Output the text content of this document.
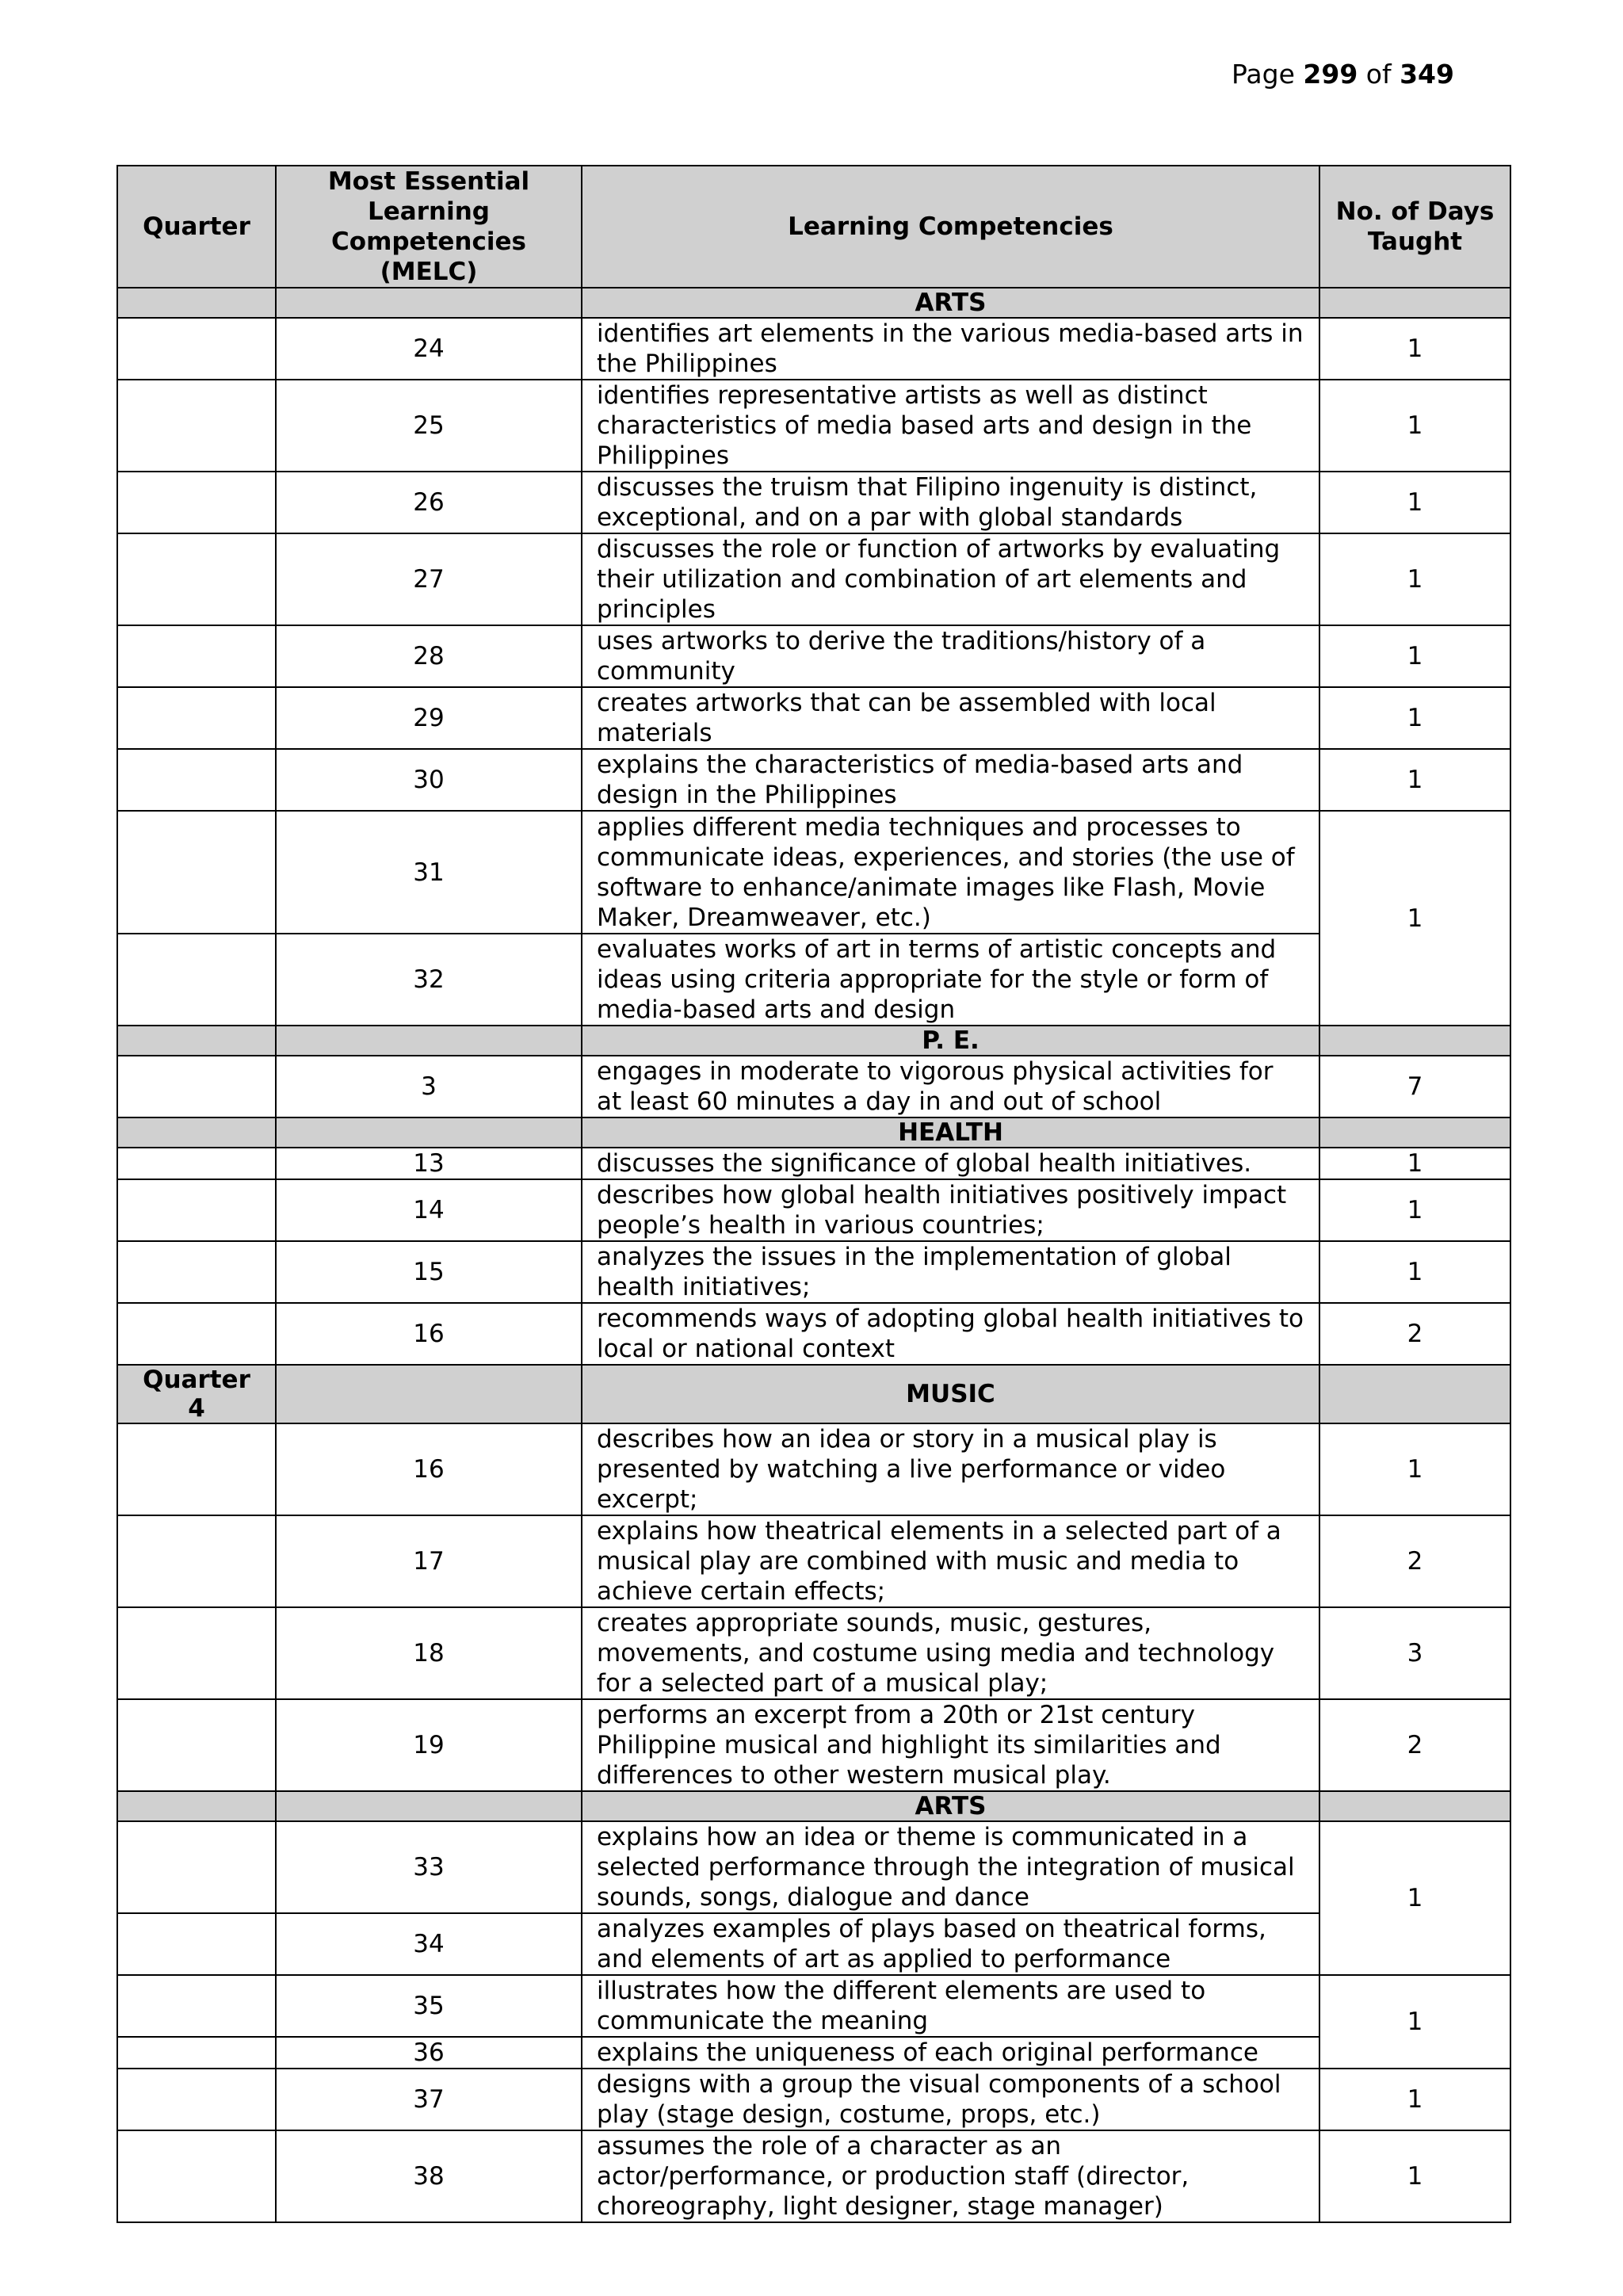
Page 299 of 349
Quarter	Most Essential Learning Competencies (MELC)	Learning Competencies	No. of Days Taught
		ARTS	
	24	identifies art elements in the various media-based arts in the Philippines	1
	25	identifies representative artists as well as distinct characteristics of media based arts and design in the Philippines	1
	26	discusses the truism that Filipino ingenuity is distinct, exceptional, and on a par with global standards	1
	27	discusses the role or function of artworks by evaluating their utilization and combination of art elements and principles	1
	28	uses artworks to derive the traditions/history of a community	1
	29	creates artworks that can be assembled with local materials	1
	30	explains the characteristics of media-based arts and design in the Philippines	1
	31	applies different media techniques and processes to communicate ideas, experiences, and stories (the use of software to enhance/animate images like Flash, Movie Maker, Dreamweaver, etc.)	1
	32	evaluates works of art in terms of artistic concepts and ideas using criteria appropriate for the style or form of media-based arts and design	
		P. E.	
	3	engages in moderate to vigorous physical activities for at least 60 minutes a day in and out of school	7
		HEALTH	
	13	discusses the significance of global health initiatives.	1
	14	describes how global health initiatives positively impact people’s health in various countries;	1
	15	analyzes the issues in the implementation of global health initiatives;	1
	16	recommends ways of adopting global health initiatives to local or national context	2
Quarter 4		MUSIC	
	16	describes how an idea or story in a musical play is presented by watching a live performance or video excerpt;	1
	17	explains how theatrical elements in a selected part of a musical play are combined with music and media to achieve certain effects;	2
	18	creates appropriate sounds, music, gestures, movements, and costume using media and technology for a selected part of a musical play;	3
	19	performs an excerpt from a 20th or 21st century Philippine musical and highlight its similarities and differences to other western musical play.	2
		ARTS	
	33	explains how an idea or theme is communicated in a selected performance through the integration of musical sounds, songs, dialogue and dance	1
	34	analyzes examples of plays based on theatrical forms, and elements of art as applied to performance	
	35	illustrates how the different elements are used to communicate the meaning	1
	36	explains the uniqueness of each original performance	
	37	designs with a group the visual components of a school play (stage design, costume, props, etc.)	1
	38	assumes the role of a character as an actor/performance, or production staff (director, choreography, light designer, stage manager)	1
